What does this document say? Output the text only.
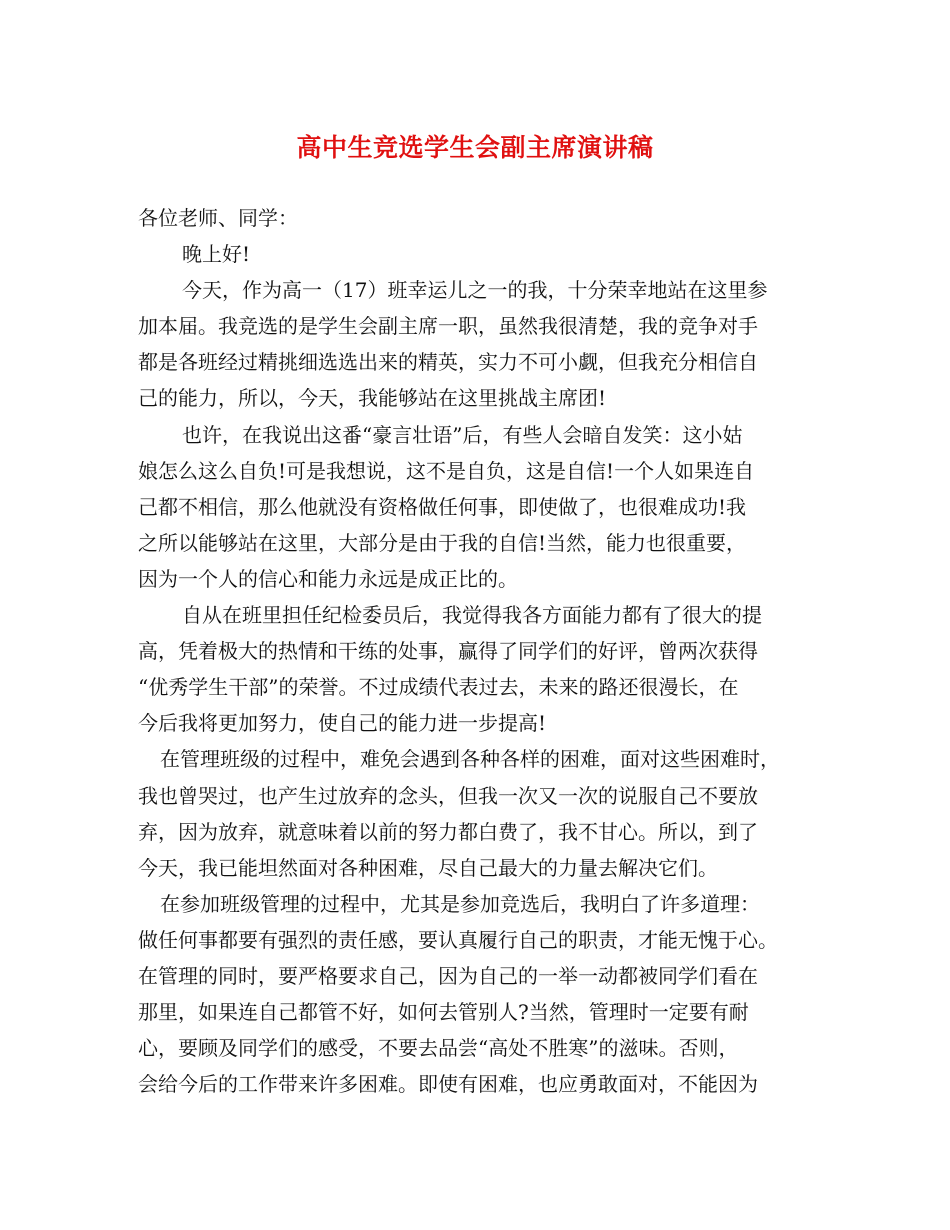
高中生竞选学生会副主席演讲稿
各位老师、同学：
晚上好!
今天，作为高一（17）班幸运儿之一的我，十分荣幸地站在这里参
加本届。我竞选的是学生会副主席一职，虽然我很清楚，我的竞争对手
都是各班经过精挑细选选出来的精英，实力不可小觑，但我充分相信自
己的能力，所以，今天，我能够站在这里挑战主席团!
也许，在我说出这番“豪言壮语”后，有些人会暗自发笑：这小姑
娘怎么这么自负!可是我想说，这不是自负，这是自信!一个人如果连自
己都不相信，那么他就没有资格做任何事，即使做了，也很难成功!我
之所以能够站在这里，大部分是由于我的自信!当然，能力也很重要，
因为一个人的信心和能力永远是成正比的。
自从在班里担任纪检委员后，我觉得我各方面能力都有了很大的提
高，凭着极大的热情和干练的处事，赢得了同学们的好评，曾两次获得
“优秀学生干部”的荣誉。不过成绩代表过去，未来的路还很漫长，在
今后我将更加努力，使自己的能力进一步提高!
在管理班级的过程中，难免会遇到各种各样的困难，面对这些困难时，
我也曾哭过，也产生过放弃的念头，但我一次又一次的说服自己不要放
弃，因为放弃，就意味着以前的努力都白费了，我不甘心。所以，到了
今天，我已能坦然面对各种困难，尽自己最大的力量去解决它们。
在参加班级管理的过程中，尤其是参加竞选后，我明白了许多道理：
做任何事都要有强烈的责任感，要认真履行自己的职责，才能无愧于心。
在管理的同时，要严格要求自己，因为自己的一举一动都被同学们看在
那里，如果连自己都管不好，如何去管别人?当然，管理时一定要有耐
心，要顾及同学们的感受，不要去品尝“高处不胜寒”的滋味。否则，
会给今后的工作带来许多困难。即使有困难，也应勇敢面对，不能因为
